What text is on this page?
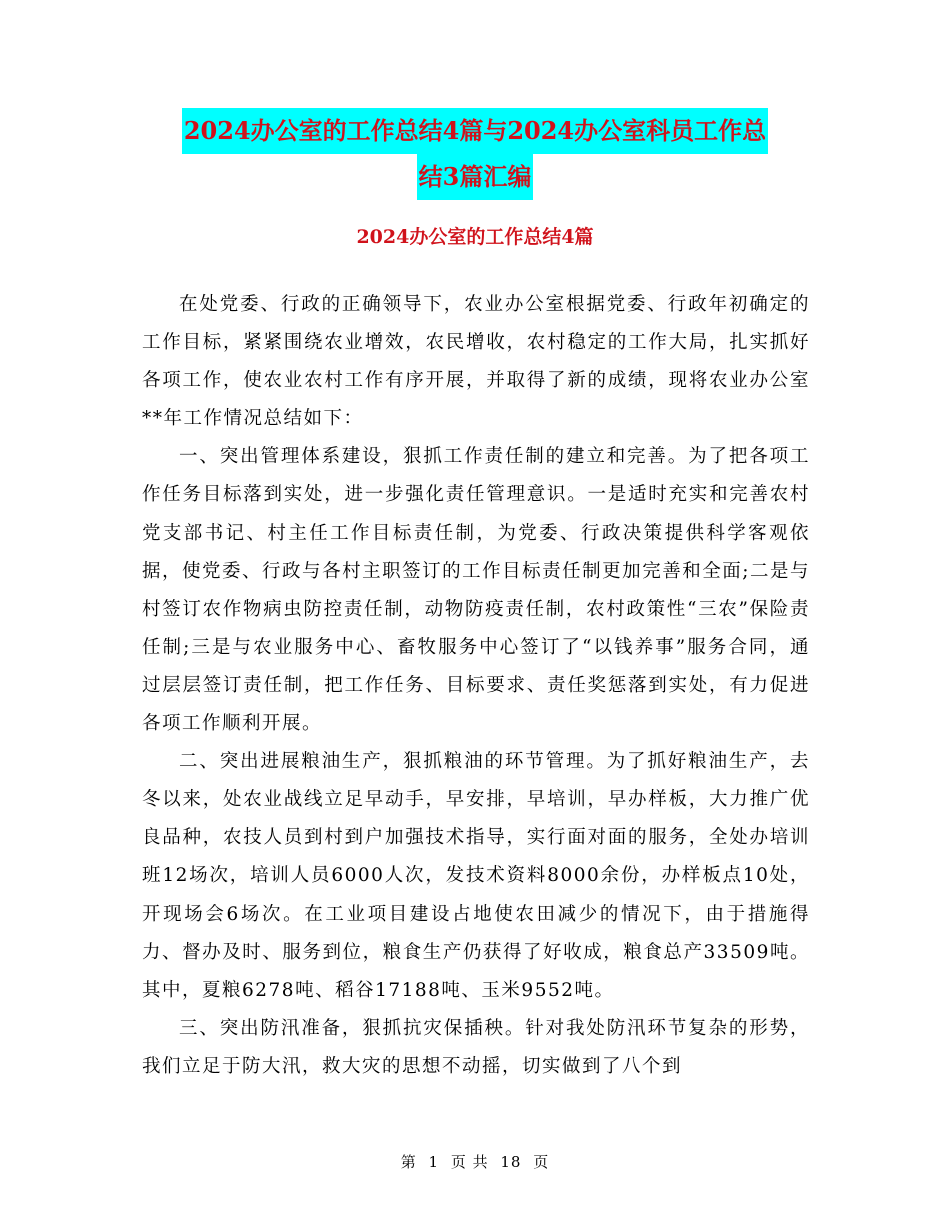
2024办公室的工作总结4篇与2024办公室科员工作总
结3篇汇编
2024办公室的工作总结4篇

在处党委、行政的正确领导下，农业办公室根据党委、行政年初确定的工作目标，紧紧围绕农业增效，农民增收，农村稳定的工作大局，扎实抓好各项工作，使农业农村工作有序开展，并取得了新的成绩，现将农业办公室**年工作情况总结如下：

一、突出管理体系建设，狠抓工作责任制的建立和完善。为了把各项工作任务目标落到实处，进一步强化责任管理意识。一是适时充实和完善农村党支部书记、村主任工作目标责任制，为党委、行政决策提供科学客观依据，使党委、行政与各村主职签订的工作目标责任制更加完善和全面;二是与村签订农作物病虫防控责任制，动物防疫责任制，农村政策性“三农”保险责任制;三是与农业服务中心、畜牧服务中心签订了“以钱养事”服务合同，通过层层签订责任制，把工作任务、目标要求、责任奖惩落到实处，有力促进各项工作顺利开展。

二、突出进展粮油生产，狠抓粮油的环节管理。为了抓好粮油生产，去冬以来，处农业战线立足早动手，早安排，早培训，早办样板，大力推广优良品种，农技人员到村到户加强技术指导，实行面对面的服务，全处办培训班12场次，培训人员6000人次，发技术资料8000余份，办样板点10处，开现场会6场次。在工业项目建设占地使农田减少的情况下，由于措施得力、督办及时、服务到位，粮食生产仍获得了好收成，粮食总产33509吨。其中，夏粮6278吨、稻谷17188吨、玉米9552吨。

三、突出防汛准备，狠抓抗灾保插秧。针对我处防汛环节复杂的形势，我们立足于防大汛，救大灾的思想不动摇，切实做到了八个到

第 1 页 共 18 页
